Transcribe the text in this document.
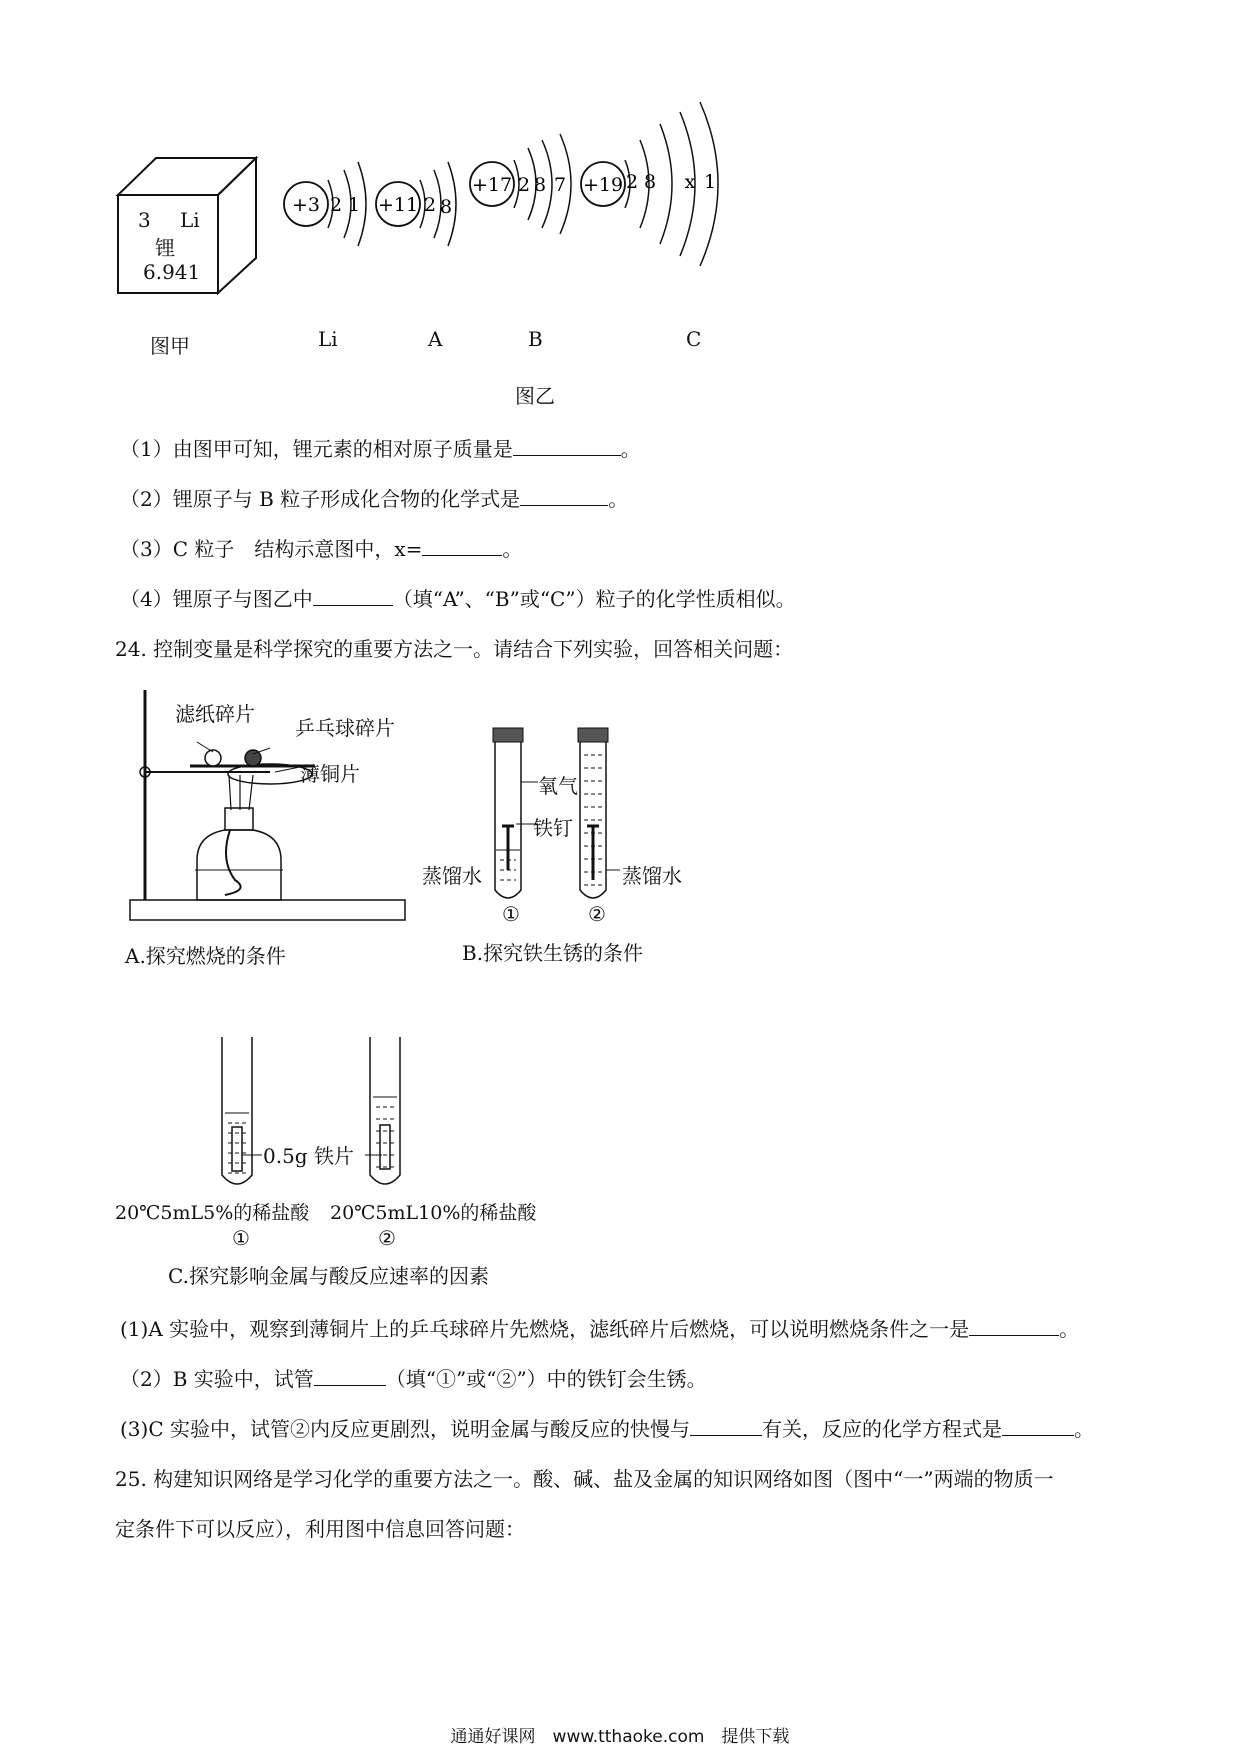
3 Li
锂
6.941
图甲
+3 2 1 +11 2 8
+17 2 8 7 +19 2 8 x 1
Li	A	B	C
图乙
（1）由图甲可知，锂元素的相对原子质量是	。
（2）锂原子与 B 粒子形成化合物的化学式是	。
（3）C 粒子　结构示意图中，x=	。
（4）锂原子与图乙中	（填“A”、“B”或“C”）粒子的化学性质相似。
24. 控制变量是科学探究的重要方法之一。请结合下列实验，回答相关问题：
滤纸碎片
乒乓球碎片
薄铜片
A.探究燃烧的条件
氧气
铁钉
蒸馏水	蒸馏水
①	②
B.探究铁生锈的条件
0.5g 铁片
20℃5mL5%的稀盐酸 20℃5mL10%的稀盐酸
①	②
C.探究影响金属与酸反应速率的因素
(1)A 实验中，观察到薄铜片上的乒乓球碎片先燃烧，滤纸碎片后燃烧，可以说明燃烧条件之一是	。
（2）B 实验中，试管	（填“①”或“②”）中的铁钉会生锈。
(3)C 实验中，试管②内反应更剧烈，说明金属与酸反应的快慢与	有关，反应的化学方程式是	。
25. 构建知识网络是学习化学的重要方法之一。酸、碱、盐及金属的知识网络如图（图中“一”两端的物质一
定条件下可以反应），利用图中信息回答问题：
通通好课网　www.tthaoke.com　提供下载
